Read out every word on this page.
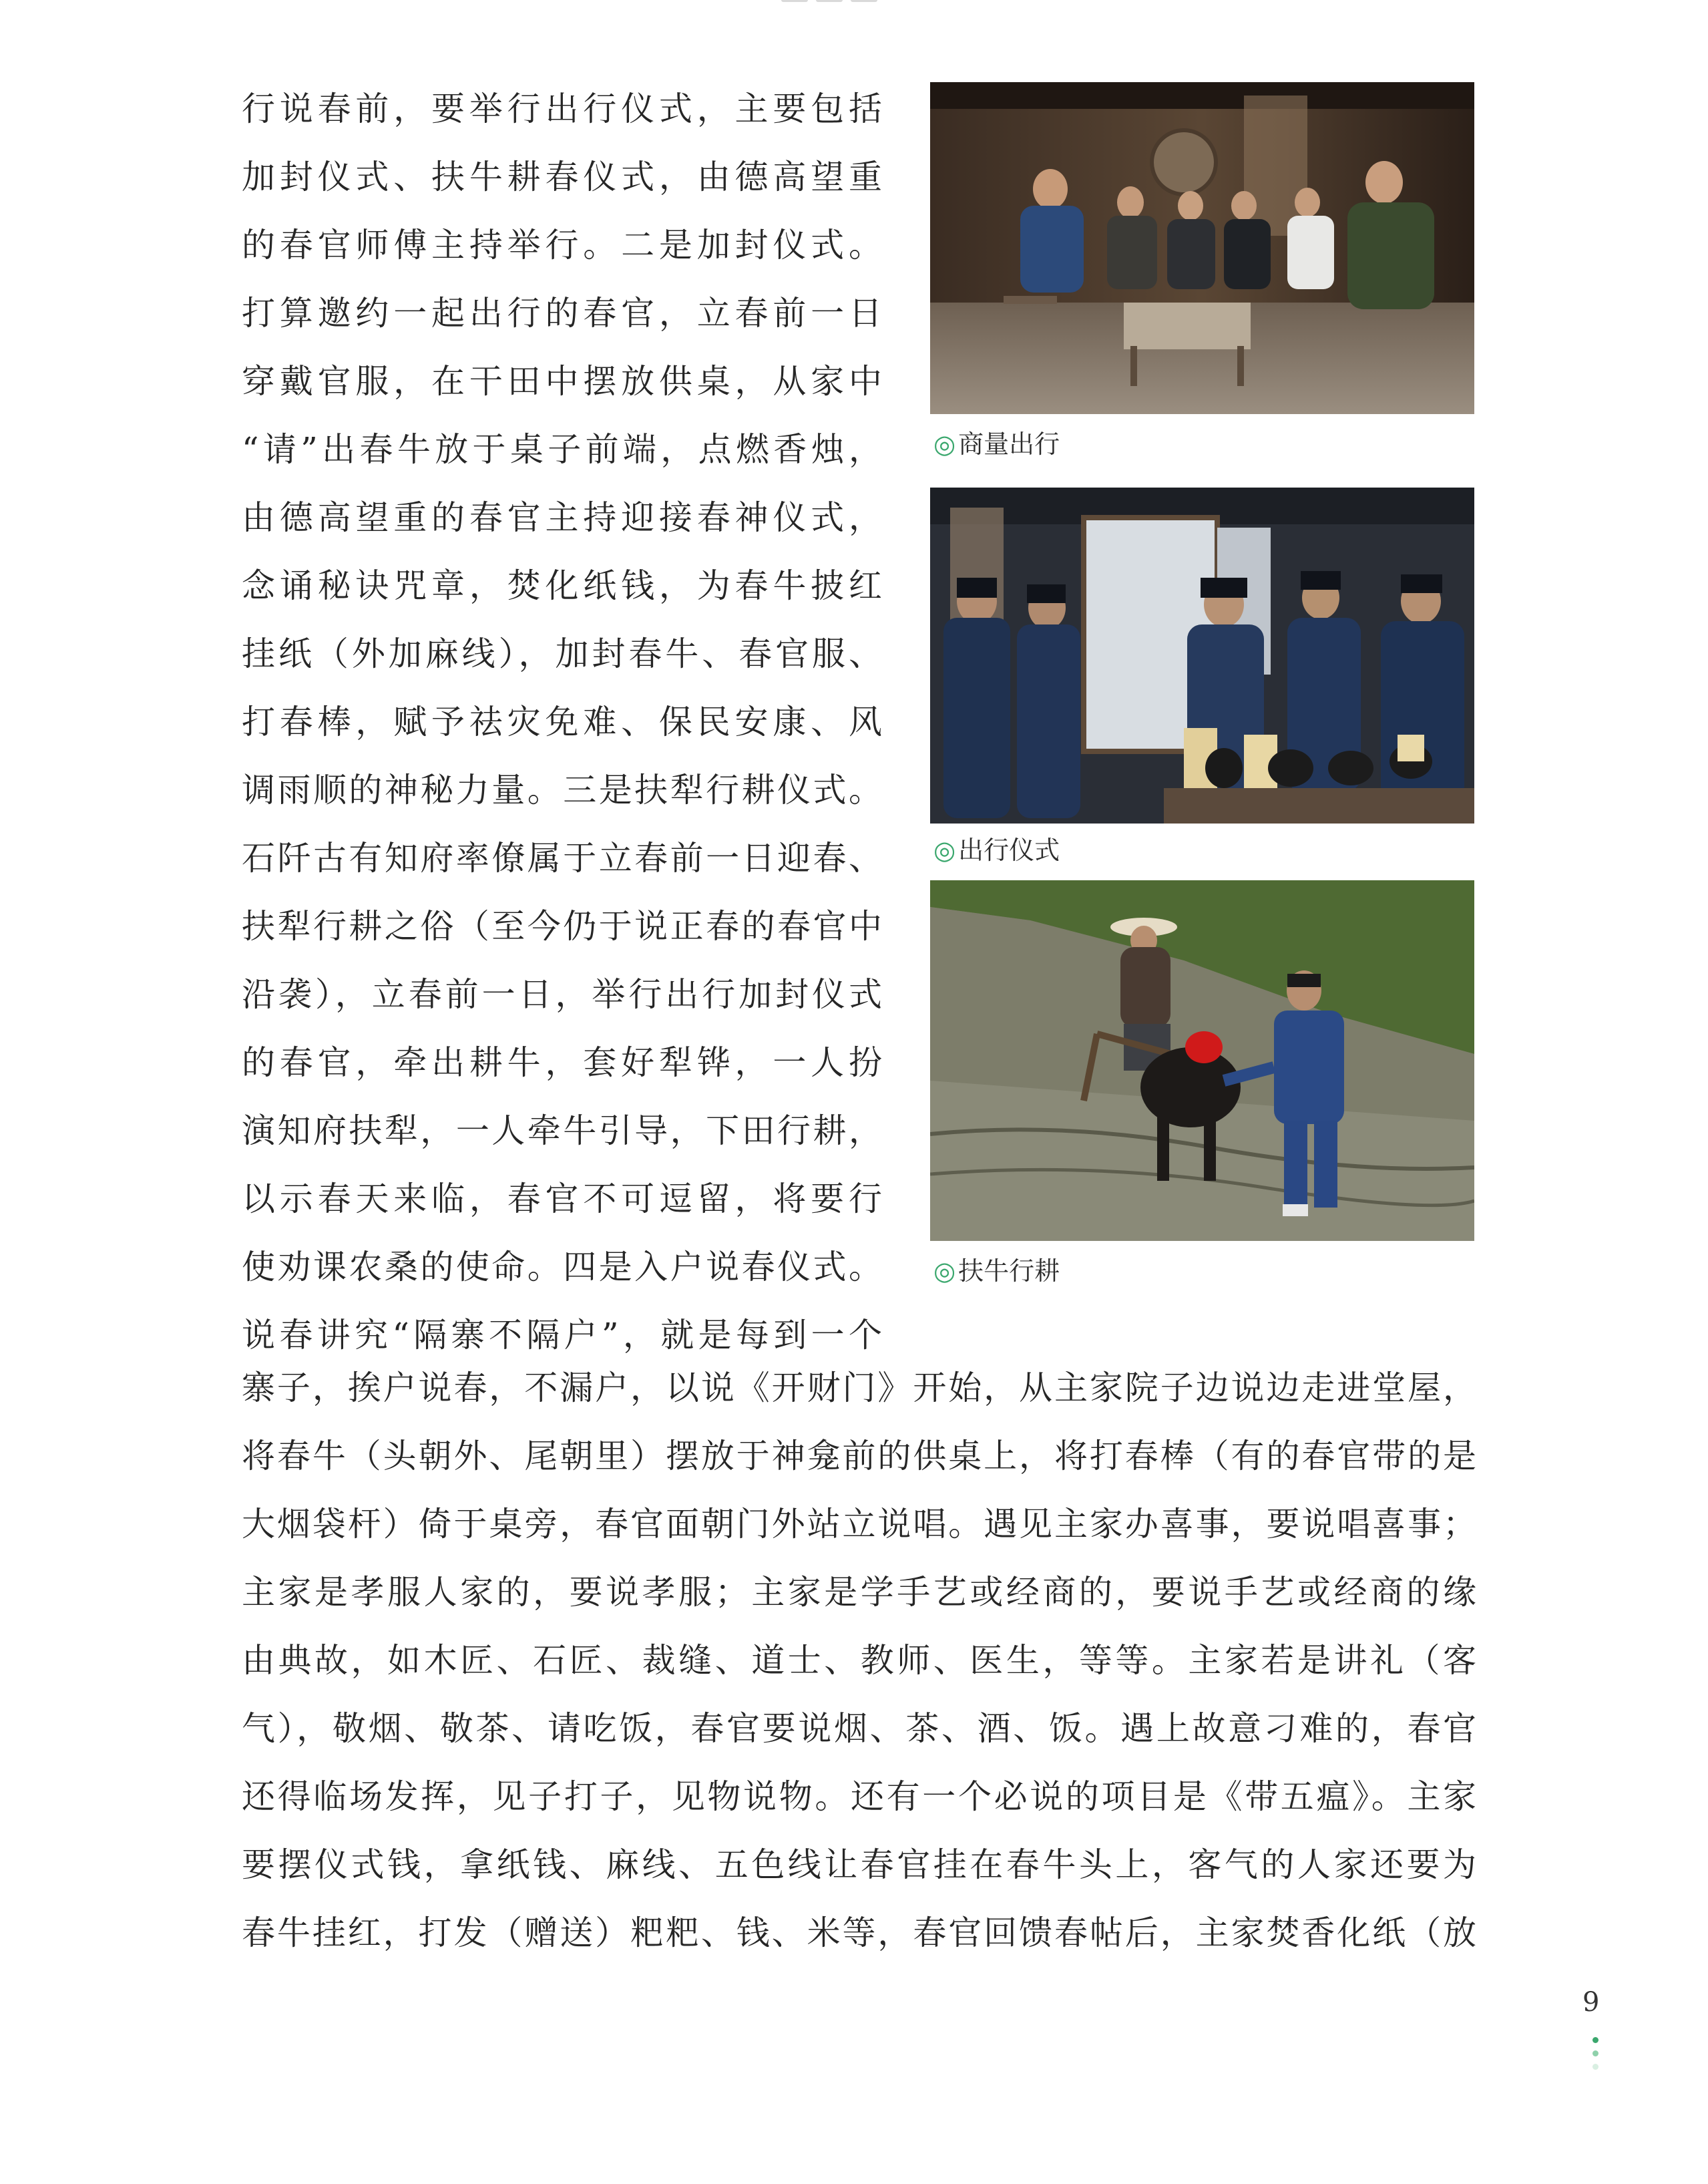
行说春前，要举行出行仪式，主要包括
加封仪式、扶牛耕春仪式，由德高望重
的春官师傅主持举行。二是加封仪式。
打算邀约一起出行的春官，立春前一日
穿戴官服，在干田中摆放供桌，从家中
“请”出春牛放于桌子前端，点燃香烛，
由德高望重的春官主持迎接春神仪式，
念诵秘诀咒章，焚化纸钱，为春牛披红
挂纸（外加麻线），加封春牛、春官服、
打春棒，赋予祛灾免难、保民安康、风
调雨顺的神秘力量。三是扶犁行耕仪式。
石阡古有知府率僚属于立春前一日迎春、
扶犁行耕之俗（至今仍于说正春的春官中
沿袭），立春前一日，举行出行加封仪式
的春官，牵出耕牛，套好犁铧，一人扮
演知府扶犁，一人牵牛引导，下田行耕，
以示春天来临，春官不可逗留，将要行
使劝课农桑的使命。四是入户说春仪式。
说春讲究“隔寨不隔户”，就是每到一个
寨子，挨户说春，不漏户，以说《开财门》开始，从主家院子边说边走进堂屋，
将春牛（头朝外、尾朝里）摆放于神龛前的供桌上，将打春棒（有的春官带的是
大烟袋杆）倚于桌旁，春官面朝门外站立说唱。遇见主家办喜事，要说唱喜事；
主家是孝服人家的，要说孝服；主家是学手艺或经商的，要说手艺或经商的缘
由典故，如木匠、石匠、裁缝、道士、教师、医生，等等。主家若是讲礼（客
气），敬烟、敬茶、请吃饭，春官要说烟、茶、酒、饭。遇上故意刁难的，春官
还得临场发挥，见子打子，见物说物。还有一个必说的项目是《带五瘟》。主家
要摆仪式钱，拿纸钱、麻线、五色线让春官挂在春牛头上，客气的人家还要为
春牛挂红，打发（赠送）粑粑、钱、米等，春官回馈春帖后，主家焚香化纸（放
◎ 商量出行
◎ 出行仪式
◎ 扶牛行耕
9
